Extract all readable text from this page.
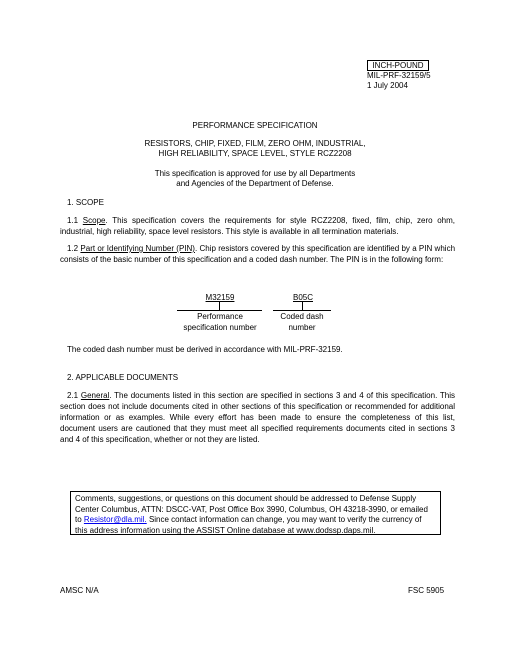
INCH-POUND
MIL-PRF-32159/5
1 July 2004
PERFORMANCE SPECIFICATION
RESISTORS, CHIP, FIXED, FILM, ZERO OHM, INDUSTRIAL,
HIGH RELIABILITY, SPACE LEVEL, STYLE RCZ2208
This specification is approved for use by all Departments
and Agencies of the Department of Defense.
1. SCOPE
1.1 Scope. This specification covers the requirements for style RCZ2208, fixed, film, chip, zero ohm, industrial, high reliability, space level resistors. This style is available in all termination materials.
1.2 Part or Identifying Number (PIN). Chip resistors covered by this specification are identified by a PIN which consists of the basic number of this specification and a coded dash number. The PIN is in the following form:
M32159	B05C
Performance
specification number
Coded dash
number
The coded dash number must be derived in accordance with MIL-PRF-32159.
2. APPLICABLE DOCUMENTS
2.1 General. The documents listed in this section are specified in sections 3 and 4 of this specification. This section does not include documents cited in other sections of this specification or recommended for additional information or as examples. While every effort has been made to ensure the completeness of this list, document users are cautioned that they must meet all specified requirements documents cited in sections 3 and 4 of this specification, whether or not they are listed.
Comments, suggestions, or questions on this document should be addressed to Defense Supply Center Columbus, ATTN: DSCC-VAT, Post Office Box 3990, Columbus, OH 43218-3990, or emailed to Resistor@dla.mil. Since contact information can change, you may want to verify the currency of this address information using the ASSIST Online database at www.dodssp.daps.mil.
AMSC N/A	FSC 5905
